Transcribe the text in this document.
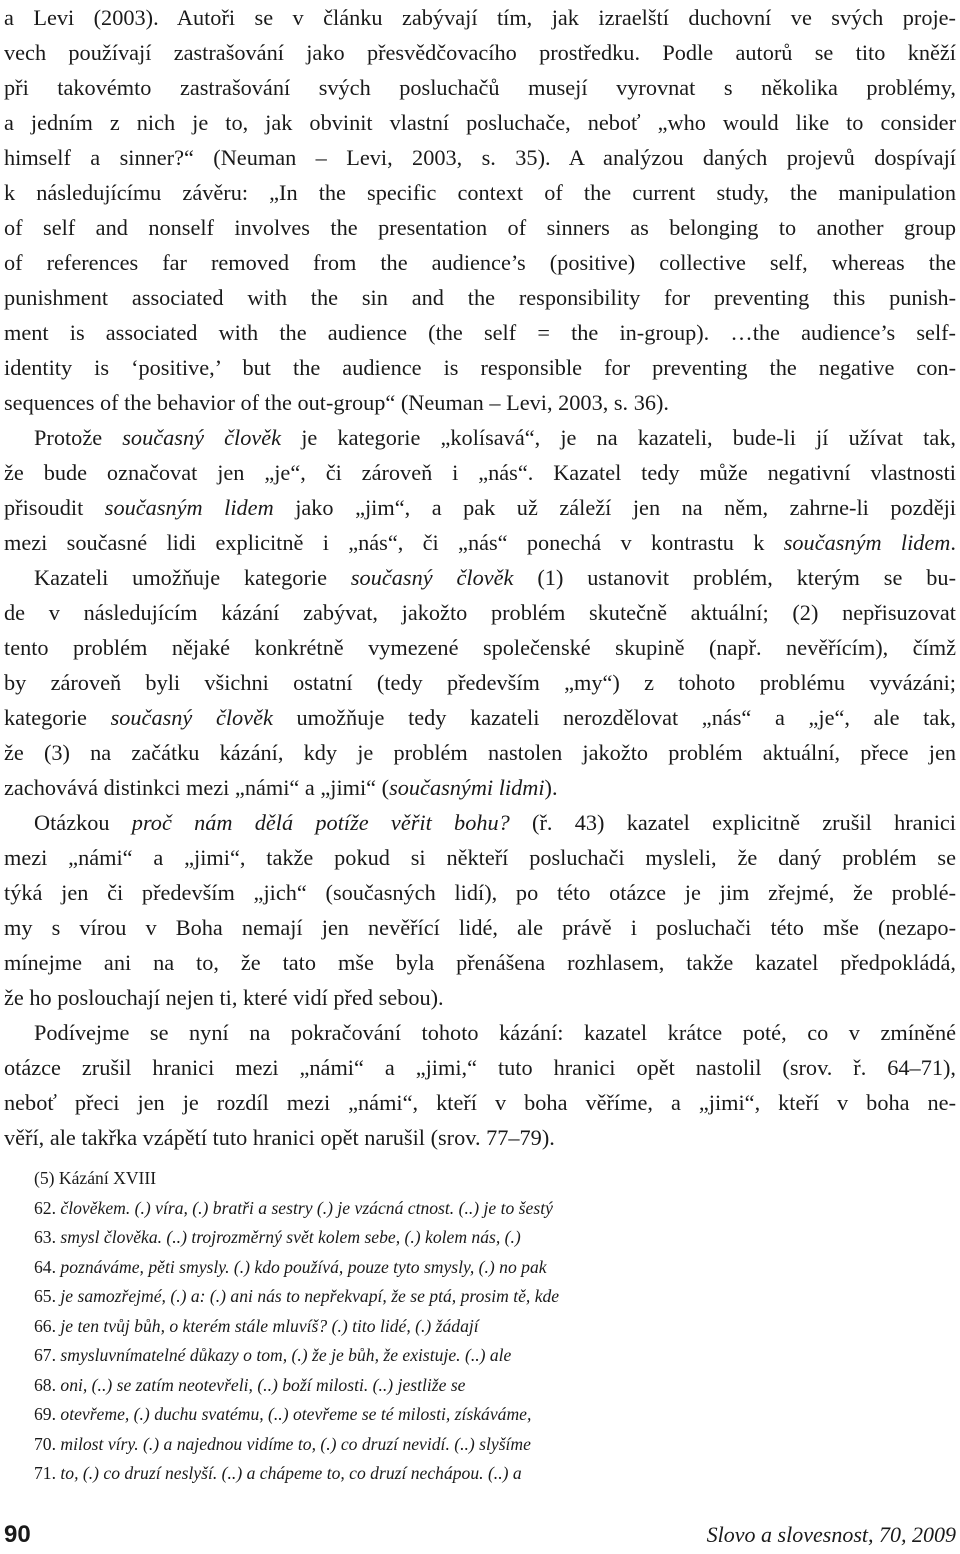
a Levi (2003). Autoři se v článku zabývají tím, jak izraelští duchovní ve svých proje-
vech používají zastrašování jako přesvědčovacího prostředku. Podle autorů se tito kněží
při takovémto zastrašování svých posluchačů musejí vyrovnat s několika problémy,
a jedním z nich je to, jak obvinit vlastní posluchače, neboť „who would like to consider
himself a sinner?“ (Neuman – Levi, 2003, s. 35). A analýzou daných projevů dospívají
k následujícímu závěru: „In the specific context of the current study, the manipulation
of self and nonself involves the presentation of sinners as belonging to another group
of references far removed from the audience’s (positive) collective self, whereas the
punishment associated with the sin and the responsibility for preventing this punish-
ment is associated with the audience (the self = the in-group). …the audience’s self-
identity is ‘positive,’ but the audience is responsible for preventing the negative con-
sequences of the behavior of the out-group“ (Neuman – Levi, 2003, s. 36).
Protože současný člověk je kategorie „kolísavá“, je na kazateli, bude-li jí užívat tak,
že bude označovat jen „je“, či zároveň i „nás“. Kazatel tedy může negativní vlastnosti
přisoudit současným lidem jako „jim“, a pak už záleží jen na něm, zahrne-li později
mezi současné lidi explicitně i „nás“, či „nás“ ponechá v kontrastu k současným lidem.
Kazateli umožňuje kategorie současný člověk (1) ustanovit problém, kterým se bu-
de v následujícím kázání zabývat, jakožto problém skutečně aktuální; (2) nepřisuzovat
tento problém nějaké konkrétně vymezené společenské skupině (např. nevěřícím), čímž
by zároveň byli všichni ostatní (tedy především „my“) z tohoto problému vyvázáni;
kategorie současný člověk umožňuje tedy kazateli nerozdělovat „nás“ a „je“, ale tak,
že (3) na začátku kázání, kdy je problém nastolen jakožto problém aktuální, přece jen
zachovává distinkci mezi „námi“ a „jimi“ (současnými lidmi).
Otázkou proč nám dělá potíže věřit bohu? (ř. 43) kazatel explicitně zrušil hranici
mezi „námi“ a „jimi“, takže pokud si někteří posluchači mysleli, že daný problém se
týká jen či především „jich“ (současných lidí), po této otázce je jim zřejmé, že problé-
my s vírou v Boha nemají jen nevěřící lidé, ale právě i posluchači této mše (nezapo-
mínejme ani na to, že tato mše byla přenášena rozhlasem, takže kazatel předpokládá,
že ho poslouchají nejen ti, které vidí před sebou).
Podívejme se nyní na pokračování tohoto kázání: kazatel krátce poté, co v zmíněné
otázce zrušil hranici mezi „námi“ a „jimi,“ tuto hranici opět nastolil (srov. ř. 64–71),
neboť přeci jen je rozdíl mezi „námi“, kteří v boha věříme, a „jimi“, kteří v boha ne-
věří, ale takřka vzápětí tuto hranici opět narušil (srov. 77–79).
(5) Kázání XVIII
62. člověkem. (.) víra, (.) bratři a sestry (.) je vzácná ctnost. (..) je to šestý
63. smysl člověka. (..) trojrozměrný svět kolem sebe, (.) kolem nás, (.)
64. poznáváme, pěti smysly. (.) kdo používá, pouze tyto smysly, (.) no pak
65. je samozřejmé, (.) a: (.) ani nás to nepřekvapí, že se ptá, prosim tě, kde
66. je ten tvůj bůh, o kterém stále mluvíš? (.) tito lidé, (.) žádají
67. smysluvnímatelné důkazy o tom, (.) že je bůh, že existuje. (..) ale
68. oni, (..) se zatím neotevřeli, (..) boží milosti. (..) jestliže se
69. otevřeme, (.) duchu svatému, (..) otevřeme se té milosti, získáváme,
70. milost víry. (.) a najednou vidíme to, (.) co druzí nevidí. (..) slyšíme
71. to, (.) co druzí neslyší. (..) a chápeme to, co druzí nechápou. (..) a
90	Slovo a slovesnost, 70, 2009
